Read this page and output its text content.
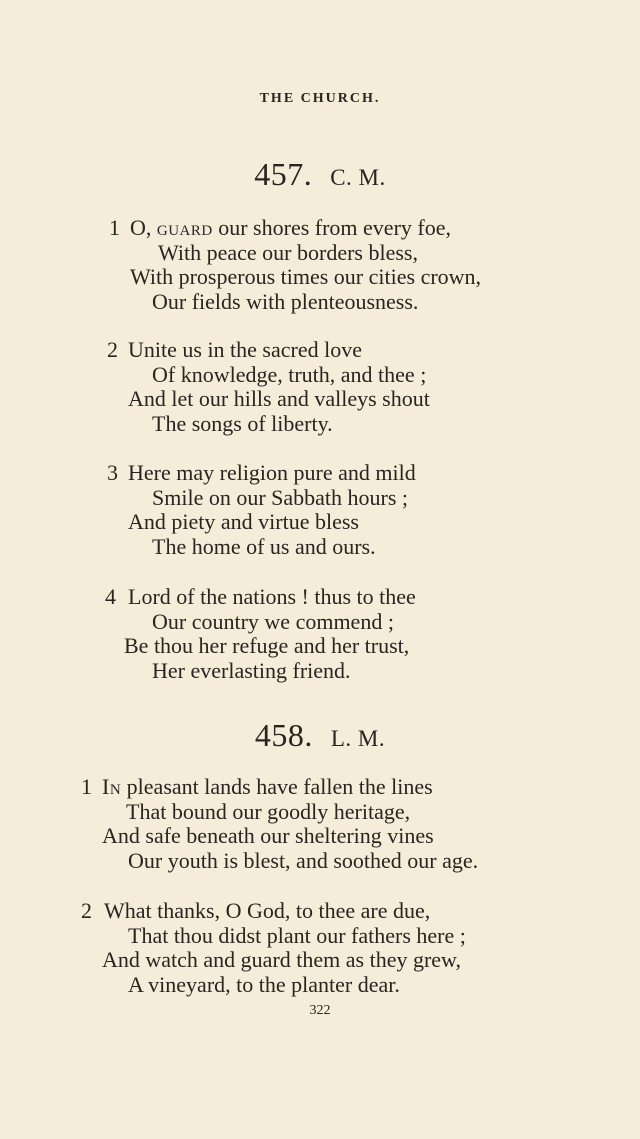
THE CHURCH.
457. C. M.
1 O, guard our shores from every foe,
With peace our borders bless,
With prosperous times our cities crown,
Our fields with plenteousness.
2 Unite us in the sacred love
Of knowledge, truth, and thee ;
And let our hills and valleys shout
The songs of liberty.
3 Here may religion pure and mild
Smile on our Sabbath hours ;
And piety and virtue bless
The home of us and ours.
4 Lord of the nations ! thus to thee
Our country we commend ;
Be thou her refuge and her trust,
Her everlasting friend.
458. L. M.
1 In pleasant lands have fallen the lines
That bound our goodly heritage,
And safe beneath our sheltering vines
Our youth is blest, and soothed our age.
2 What thanks, O God, to thee are due,
That thou didst plant our fathers here ;
And watch and guard them as they grew,
A vineyard, to the planter dear.
322
